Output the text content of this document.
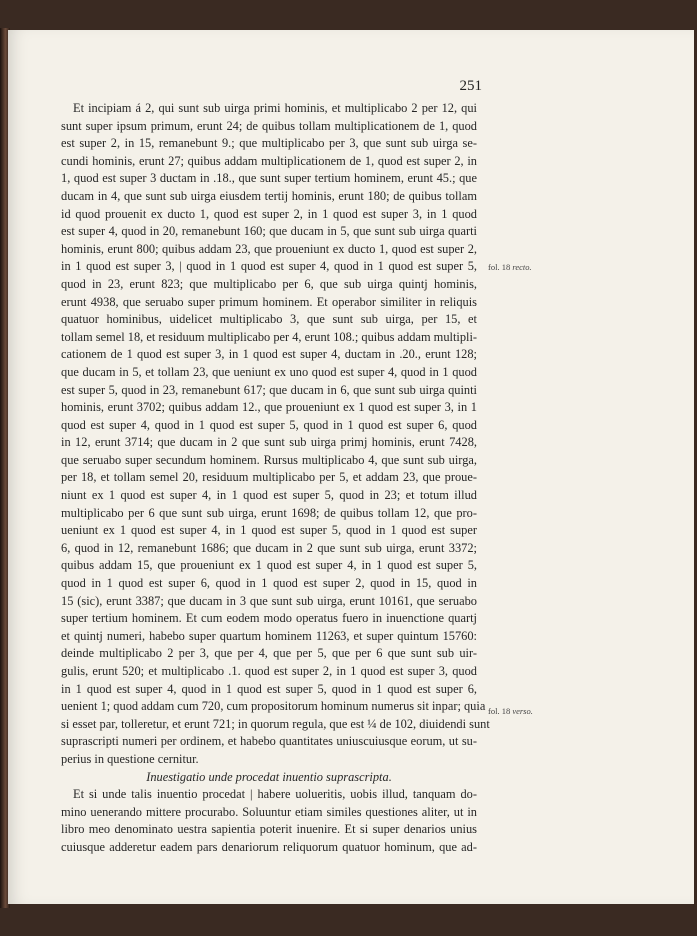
251
fol. 18 recto.
fol. 18 verso.
Et incipiam á 2, qui sunt sub uirga primi hominis, et multiplicabo 2 per 12, qui
sunt super ipsum primum, erunt 24; de quibus tollam multiplicationem de 1, quod
est super 2, in 15, remanebunt 9.; que multiplicabo per 3, que sunt sub uirga se-
cundi hominis, erunt 27; quibus addam multiplicationem de 1, quod est super 2, in
1, quod est super 3 ductam in .18., que sunt super tertium hominem, erunt 45.; que
ducam in 4, que sunt sub uirga eiusdem tertij hominis, erunt 180; de quibus tollam
id quod prouenit ex ducto 1, quod est super 2, in 1 quod est super 3, in 1 quod
est super 4, quod in 20, remanebunt 160; que ducam in 5, que sunt sub uirga quarti
hominis, erunt 800; quibus addam 23, que proueniunt ex ducto 1, quod est super 2,
in 1 quod est super 3, | quod in 1 quod est super 4, quod in 1 quod est super 5,
quod in 23, erunt 823; que multiplicabo per 6, que sub uirga quintj hominis,
erunt 4938, que seruabo super primum hominem. Et operabor similiter in reliquis
quatuor hominibus, uidelicet multiplicabo 3, que sunt sub uirga, per 15, et
tollam semel 18, et residuum multiplicabo per 4, erunt 108.; quibus addam multipli-
cationem de 1 quod est super 3, in 1 quod est super 4, ductam in .20., erunt 128;
que ducam in 5, et tollam 23, que ueniunt ex uno quod est super 4, quod in 1 quod
est super 5, quod in 23, remanebunt 617; que ducam in 6, que sunt sub uirga quinti
hominis, erunt 3702; quibus addam 12., que proueniunt ex 1 quod est super 3, in 1
quod est super 4, quod in 1 quod est super 5, quod in 1 quod est super 6, quod
in 12, erunt 3714; que ducam in 2 que sunt sub uirga primj hominis, erunt 7428,
que seruabo super secundum hominem. Rursus multiplicabo 4, que sunt sub uirga,
per 18, et tollam semel 20, residuum multiplicabo per 5, et addam 23, que proue-
niunt ex 1 quod est super 4, in 1 quod est super 5, quod in 23; et totum illud
multiplicabo per 6 que sunt sub uirga, erunt 1698; de quibus tollam 12, que pro-
ueniunt ex 1 quod est super 4, in 1 quod est super 5, quod in 1 quod est super
6, quod in 12, remanebunt 1686; que ducam in 2 que sunt sub uirga, erunt 3372;
quibus addam 15, que proueniunt ex 1 quod est super 4, in 1 quod est super 5,
quod in 1 quod est super 6, quod in 1 quod est super 2, quod in 15, quod in
15 (sic), erunt 3387; que ducam in 3 que sunt sub uirga, erunt 10161, que seruabo
super tertium hominem. Et cum eodem modo operatus fuero in inuenctione quartj
et quintj numeri, habebo super quartum hominem 11263, et super quintum 15760:
deinde multiplicabo 2 per 3, que per 4, que per 5, que per 6 que sunt sub uir-
gulis, erunt 520; et multiplicabo .1. quod est super 2, in 1 quod est super 3, quod
in 1 quod est super 4, quod in 1 quod est super 5, quod in 1 quod est super 6,
uenient 1; quod addam cum 720, cum propositorum hominum numerus sit inpar; quia
si esset par, tolleretur, et erunt 721; in quorum regula, que est ¼ de 102, diuidendi sunt
suprascripti numeri per ordinem, et habebo quantitates uniuscuiusque eorum, ut su-
perius in questione cernitur.
Inuestigatio unde procedat inuentio suprascripta.
Et si unde talis inuentio procedat | habere uolueritis, uobis illud, tanquam do-
mino uenerando mittere procurabo. Soluuntur etiam similes questiones aliter, ut in
libro meo denominato uestra sapientia poterit inuenire. Et si super denarios unius
cuiusque adderetur eadem pars denariorum reliquorum quatuor hominum, que ad-
